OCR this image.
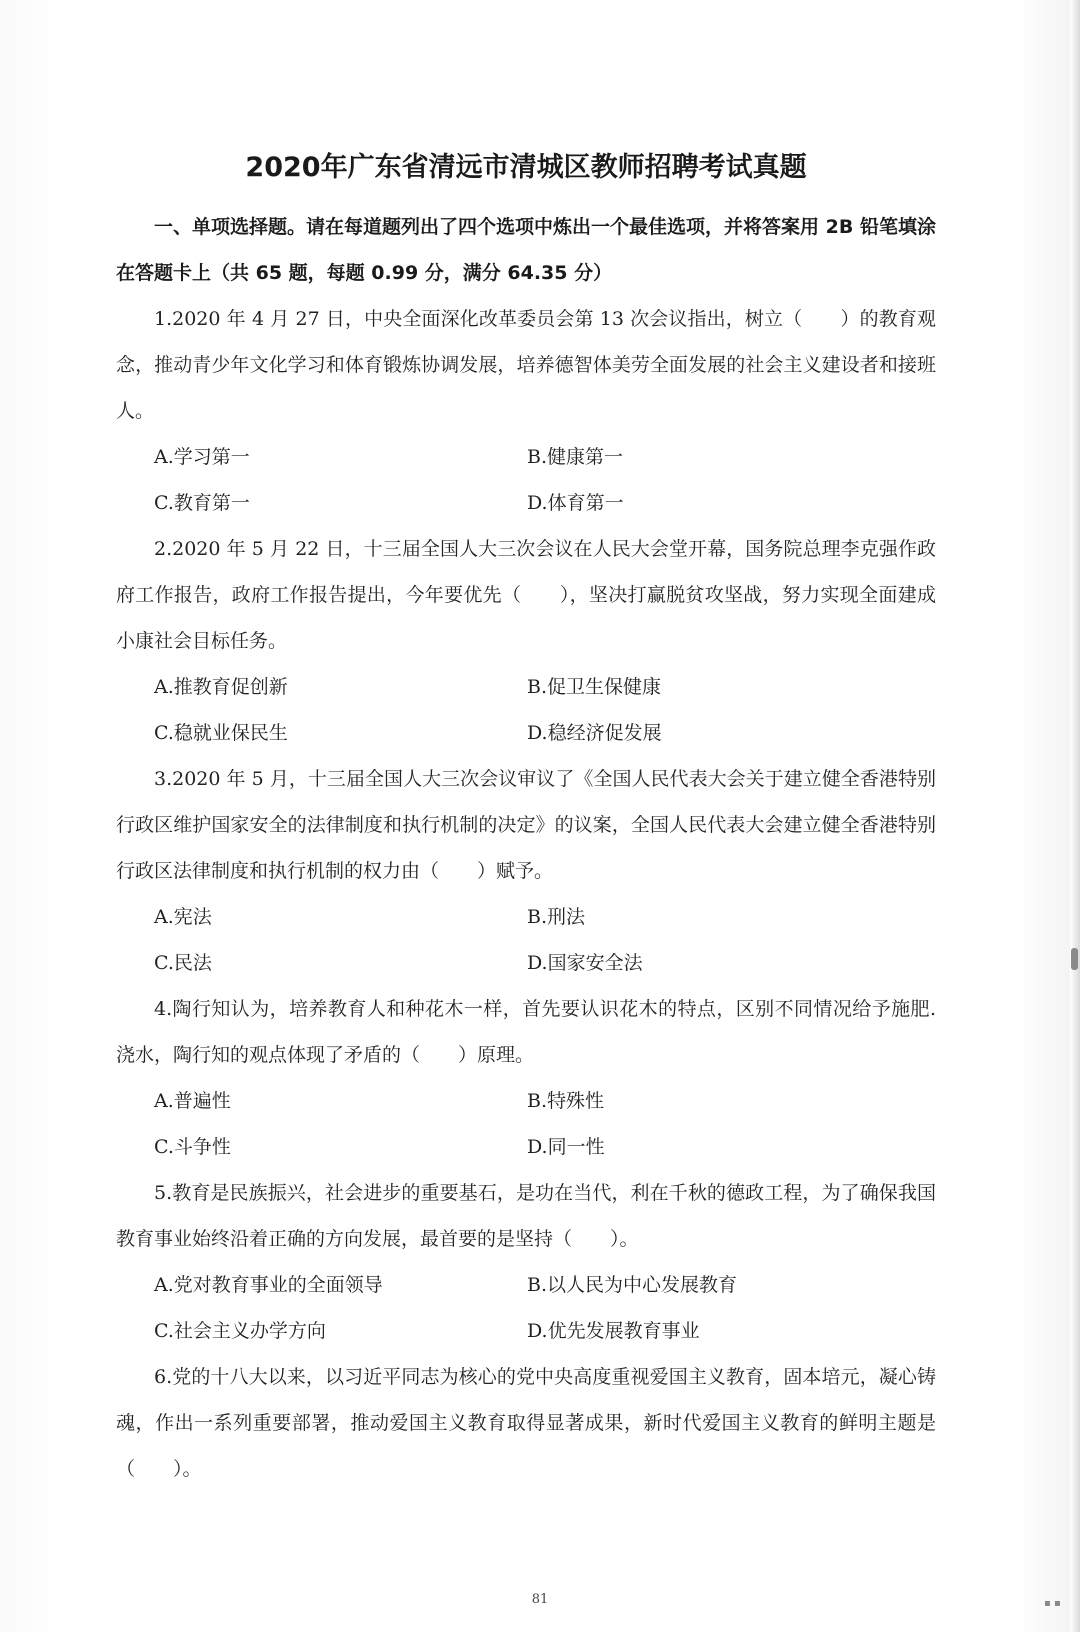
2020年广东省清远市清城区教师招聘考试真题

一、单项选择题。请在每道题列出了四个选项中炼出一个最佳选项，并将答案用 2B 铅笔填涂在答题卡上（共 65 题，每题 0.99 分，满分 64.35 分）

1.2020 年 4 月 27 日，中央全面深化改革委员会第 13 次会议指出，树立（　　）的教育观念，推动青少年文化学习和体育锻炼协调发展，培养德智体美劳全面发展的社会主义建设者和接班人。

A.学习第一	B.健康第一
C.教育第一	D.体育第一

2.2020 年 5 月 22 日，十三届全国人大三次会议在人民大会堂开幕，国务院总理李克强作政府工作报告，政府工作报告提出，今年要优先（　　），坚决打赢脱贫攻坚战，努力实现全面建成小康社会目标任务。

A.推教育促创新	B.促卫生保健康
C.稳就业保民生	D.稳经济促发展

3.2020 年 5 月，十三届全国人大三次会议审议了《全国人民代表大会关于建立健全香港特别行政区维护国家安全的法律制度和执行机制的决定》的议案，全国人民代表大会建立健全香港特别行政区法律制度和执行机制的权力由（　　）赋予。

A.宪法	B.刑法
C.民法	D.国家安全法

4.陶行知认为，培养教育人和种花木一样，首先要认识花木的特点，区别不同情况给予施肥.浇水，陶行知的观点体现了矛盾的（　　）原理。

A.普遍性	B.特殊性
C.斗争性	D.同一性

5.教育是民族振兴，社会进步的重要基石，是功在当代，利在千秋的德政工程，为了确保我国教育事业始终沿着正确的方向发展，最首要的是坚持（　　）。

A.党对教育事业的全面领导	B.以人民为中心发展教育
C.社会主义办学方向	D.优先发展教育事业

6.党的十八大以来，以习近平同志为核心的党中央高度重视爱国主义教育，固本培元，凝心铸魂，作出一系列重要部署，推动爱国主义教育取得显著成果，新时代爱国主义教育的鲜明主题是（　　）。

81	▪ ▪
